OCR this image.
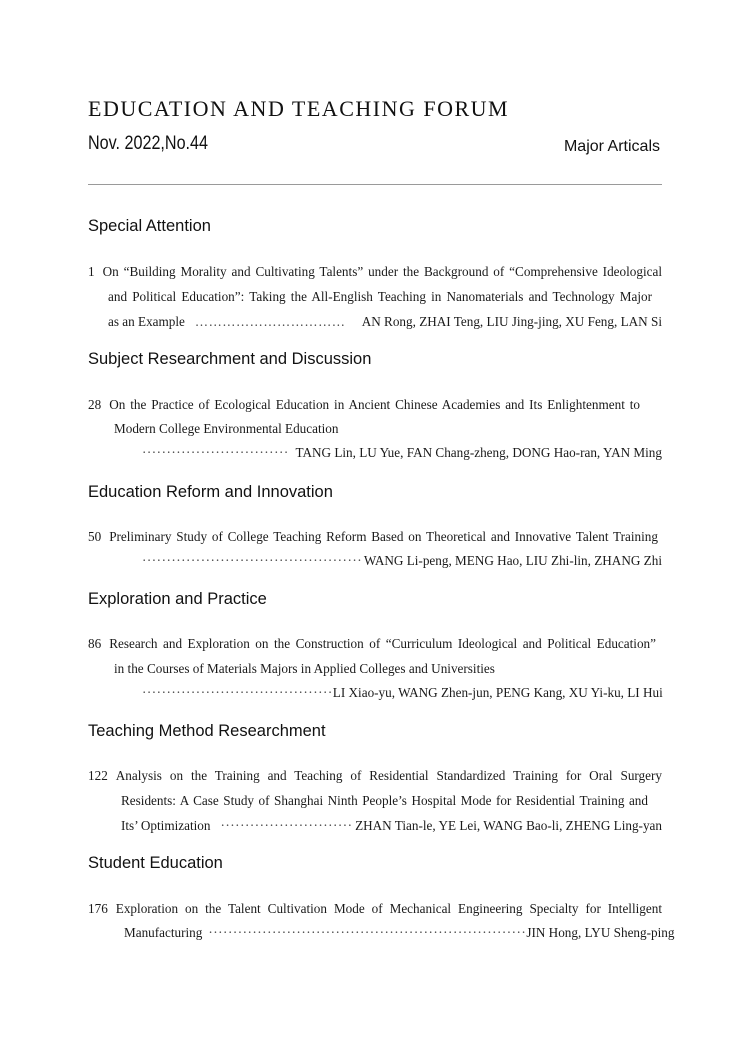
EDUCATION AND TEACHING FORUM
Nov. 2022,No.44	Major Articals
Special Attention
1 On “Building Morality and Cultivating Talents” under the Background of “Comprehensive Ideological
and Political Education”: Taking the All-English Teaching in Nanomaterials and Technology Major
as an Example …………………………… AN Rong, ZHAI Teng, LIU Jing-jing, XU Feng, LAN Si
Subject Researchment and Discussion
28 On the Practice of Ecological Education in Ancient Chinese Academies and Its Enlightenment to
Modern College Environmental Education
······························ TANG Lin, LU Yue, FAN Chang-zheng, DONG Hao-ran, YAN Ming
Education Reform and Innovation
50 Preliminary Study of College Teaching Reform Based on Theoretical and Innovative Talent Training
············································· WANG Li-peng, MENG Hao, LIU Zhi-lin, ZHANG Zhi
Exploration and Practice
86 Research and Exploration on the Construction of “Curriculum Ideological and Political Education”
in the Courses of Materials Majors in Applied Colleges and Universities
······································· LI Xiao-yu, WANG Zhen-jun, PENG Kang, XU Yi-ku, LI Hui
Teaching Method Researchment
122 Analysis on the Training and Teaching of Residential Standardized Training for Oral Surgery
Residents: A Case Study of Shanghai Ninth People’s Hospital Mode for Residential Training and
Its’ Optimization ··························· ZHAN Tian-le, YE Lei, WANG Bao-li, ZHENG Ling-yan
Student Education
176 Exploration on the Talent Cultivation Mode of Mechanical Engineering Specialty for Intelligent
Manufacturing ································································· JIN Hong, LYU Sheng-ping
